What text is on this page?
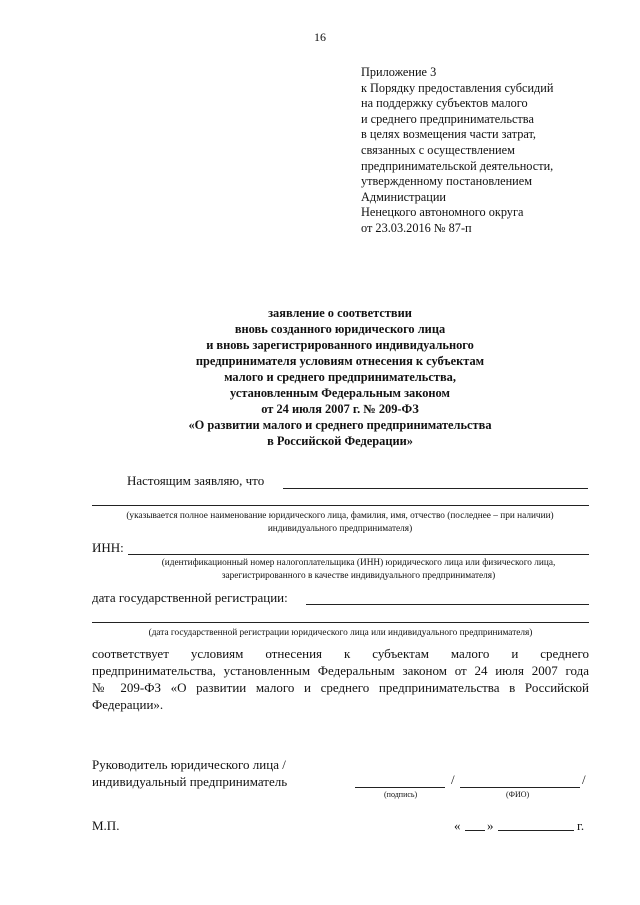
16
Приложение 3
к Порядку предоставления субсидий
на поддержку субъектов малого
и среднего предпринимательства
в целях возмещения части затрат,
связанных с осуществлением
предпринимательской деятельности,
утвержденному постановлением
Администрации
Ненецкого автономного округа
от 23.03.2016 № 87-п
заявление о соответствии
вновь созданного юридического лица
и вновь зарегистрированного индивидуального
предпринимателя условиям отнесения к субъектам
малого и среднего предпринимательства,
установленным Федеральным законом
от 24 июля 2007 г. № 209-ФЗ
«О развитии малого и среднего предпринимательства
в Российской Федерации»
Настоящим заявляю, что
(указывается полное наименование юридического лица, фамилия, имя, отчество (последнее – при наличии)
индивидуального предпринимателя)
ИНН:
(идентификационный номер налогоплательщика (ИНН) юридического лица или физического лица,
зарегистрированного в качестве индивидуального предпринимателя)
дата государственной регистрации:
(дата государственной регистрации юридического лица или индивидуального предпринимателя)
соответствует условиям отнесения к субъектам малого и среднего
предпринимательства, установленным Федеральным законом от 24 июля 2007 года
№ 209-ФЗ «О развитии малого и среднего предпринимательства в Российской
Федерации».
Руководитель юридического лица /
индивидуальный предприниматель	/	/
(подпись)	(ФИО)
М.П.	« »	г.
